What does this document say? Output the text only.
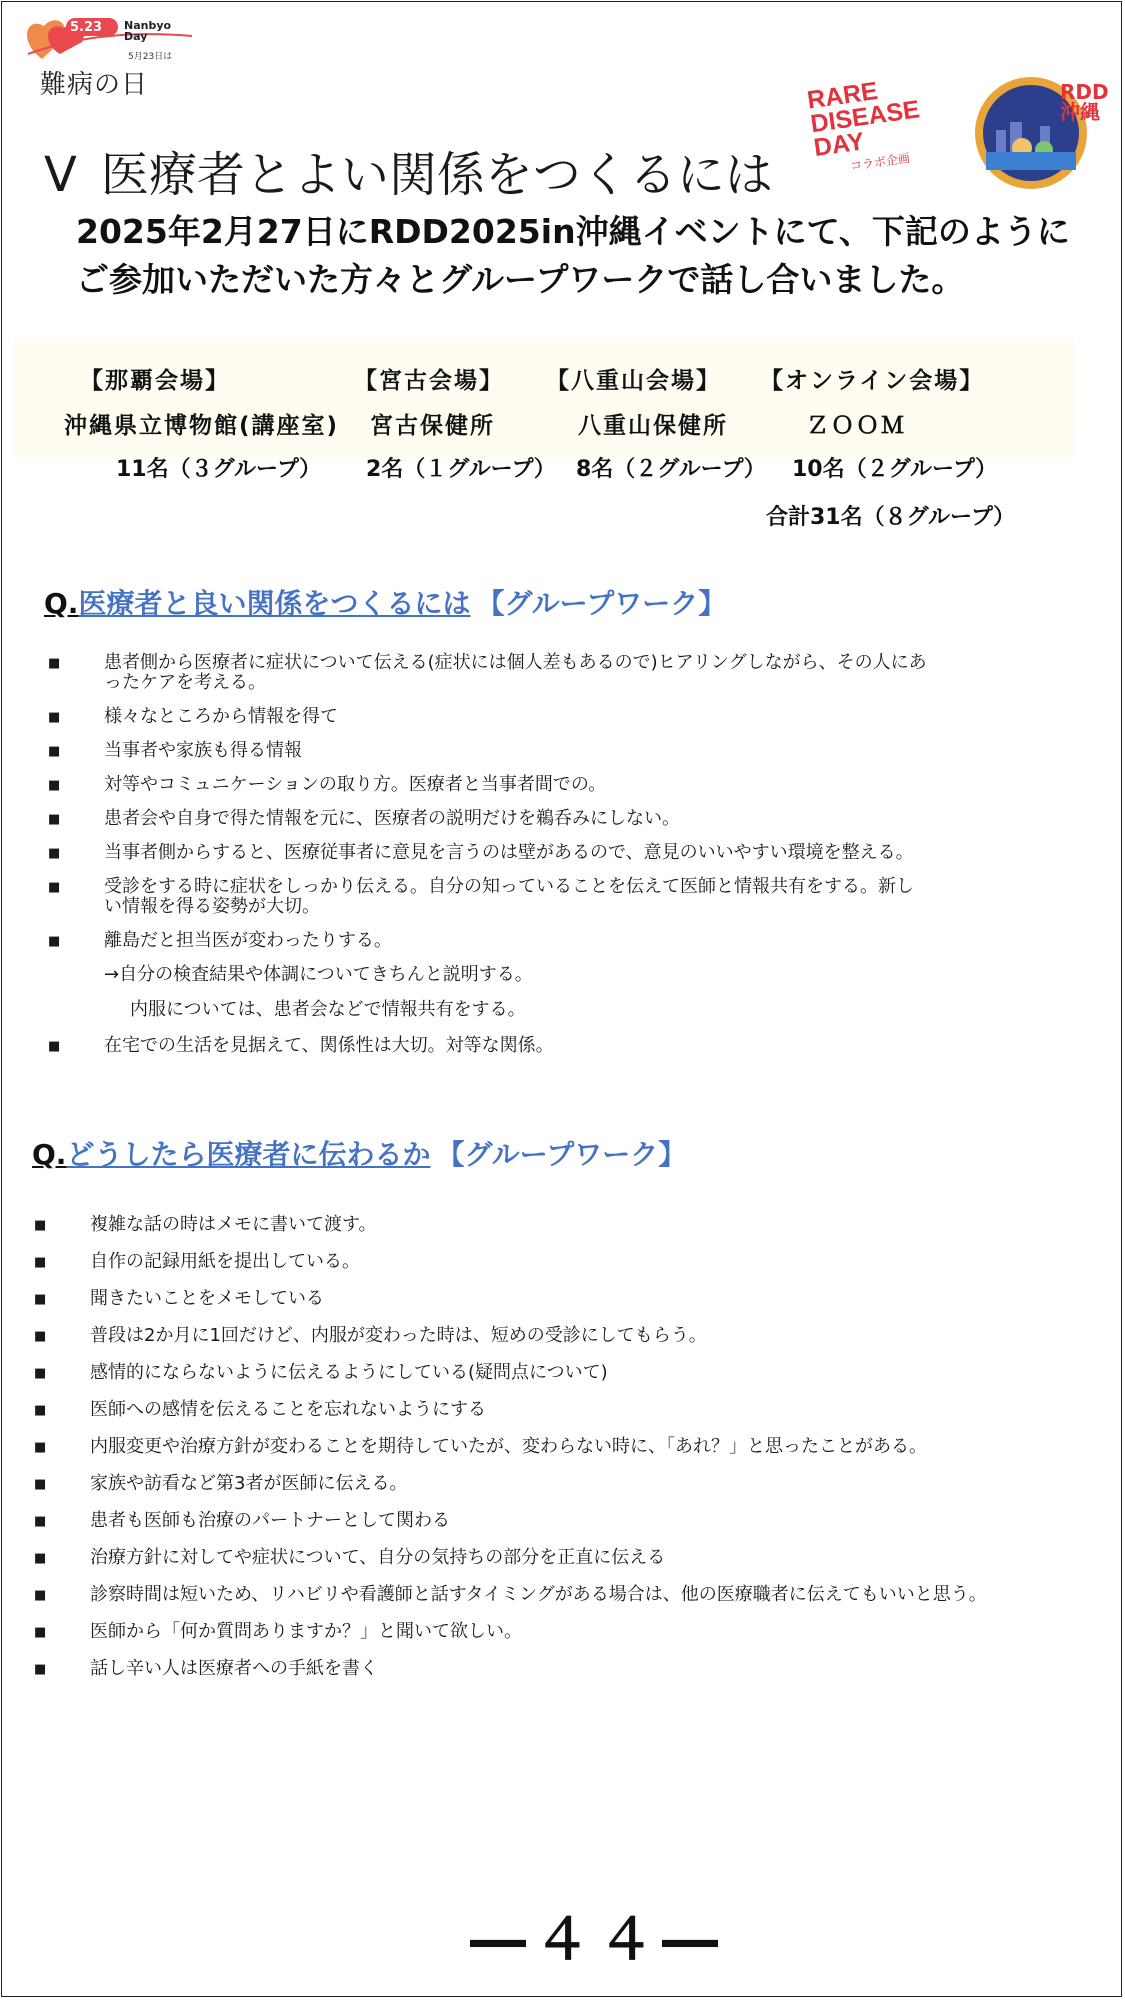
5.23 Nanbyo Day
5月23日は
難病の日	RARE DISEASE DAY
コラボ企画
RDD沖縄
Ⅴ 医療者とよい関係をつくるには
2025年2月27日にRDD2025in沖縄イベントにて、下記のように
ご参加いただいた方々とグループワークで話し合いました。
【那覇会場】
沖縄県立博物館(講座室)
11名（３グループ）
【宮古会場】
宮古保健所
2名（１グループ）
【八重山会場】
八重山保健所
8名（２グループ）
【オンライン会場】
ＺＯＯＭ
10名（２グループ）
合計31名（８グループ）
Q.医療者と良い関係をつくるには 【グループワーク】
■ 患者側から医療者に症状について伝える(症状には個人差もあるので)ヒアリングしながら、その人にあったケアを考える。
■ 様々なところから情報を得て
■ 当事者や家族も得る情報
■ 対等やコミュニケーションの取り方。医療者と当事者間での。
■ 患者会や自身で得た情報を元に、医療者の説明だけを鵜呑みにしない。
■ 当事者側からすると、医療従事者に意見を言うのは壁があるので、意見のいいやすい環境を整える。
■ 受診をする時に症状をしっかり伝える。自分の知っていることを伝えて医師と情報共有をする。新しい情報を得る姿勢が大切。
■ 離島だと担当医が変わったりする。
→自分の検査結果や体調についてきちんと説明する。
内服については、患者会などで情報共有をする。
■ 在宅での生活を見据えて、関係性は大切。対等な関係。
Q.どうしたら医療者に伝わるか 【グループワーク】
■ 複雑な話の時はメモに書いて渡す。
■ 自作の記録用紙を提出している。
■ 聞きたいことをメモしている
■ 普段は2か月に1回だけど、内服が変わった時は、短めの受診にしてもらう。
■ 感情的にならないように伝えるようにしている(疑問点について)
■ 医師への感情を伝えることを忘れないようにする
■ 内服変更や治療方針が変わることを期待していたが、変わらない時に、「あれ？」と思ったことがある。
■ 家族や訪看など第3者が医師に伝える。
■ 患者も医師も治療のパートナーとして関わる
■ 治療方針に対してや症状について、自分の気持ちの部分を正直に伝える
■ 診察時間は短いため、リハビリや看護師と話すタイミングがある場合は、他の医療職者に伝えてもいいと思う。
■ 医師から「何か質問ありますか？」と聞いて欲しい。
■ 話し辛い人は医療者への手紙を書く
―４４―
